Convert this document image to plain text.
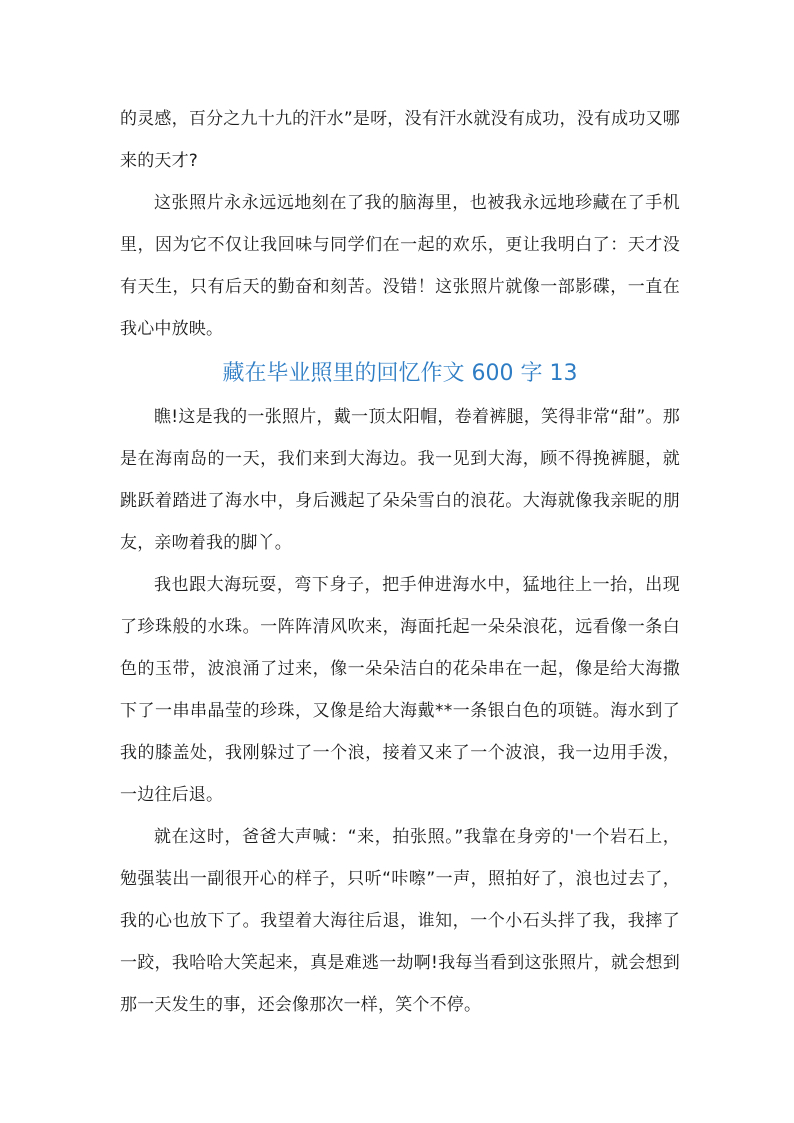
的灵感，百分之九十九的汗水”是呀，没有汗水就没有成功，没有成功又哪来的天才?

这张照片永永远远地刻在了我的脑海里，也被我永远地珍藏在了手机里，因为它不仅让我回味与同学们在一起的欢乐，更让我明白了：天才没有天生，只有后天的勤奋和刻苦。没错！这张照片就像一部影碟，一直在我心中放映。

藏在毕业照里的回忆作文 600 字 13

瞧!这是我的一张照片，戴一顶太阳帽，卷着裤腿，笑得非常“甜”。那是在海南岛的一天，我们来到大海边。我一见到大海，顾不得挽裤腿，就跳跃着踏进了海水中，身后溅起了朵朵雪白的浪花。大海就像我亲昵的朋友，亲吻着我的脚丫。

我也跟大海玩耍，弯下身子，把手伸进海水中，猛地往上一抬，出现了珍珠般的水珠。一阵阵清风吹来，海面托起一朵朵浪花，远看像一条白色的玉带，波浪涌了过来，像一朵朵洁白的花朵串在一起，像是给大海撒下了一串串晶莹的珍珠，又像是给大海戴**一条银白色的项链。海水到了我的膝盖处，我刚躲过了一个浪，接着又来了一个波浪，我一边用手泼，一边往后退。

就在这时，爸爸大声喊：“来，拍张照。”我靠在身旁的'一个岩石上，勉强装出一副很开心的样子，只听“咔嚓”一声，照拍好了，浪也过去了，我的心也放下了。我望着大海往后退，谁知，一个小石头拌了我，我摔了一跤，我哈哈大笑起来，真是难逃一劫啊!我每当看到这张照片，就会想到那一天发生的事，还会像那次一样，笑个不停。
